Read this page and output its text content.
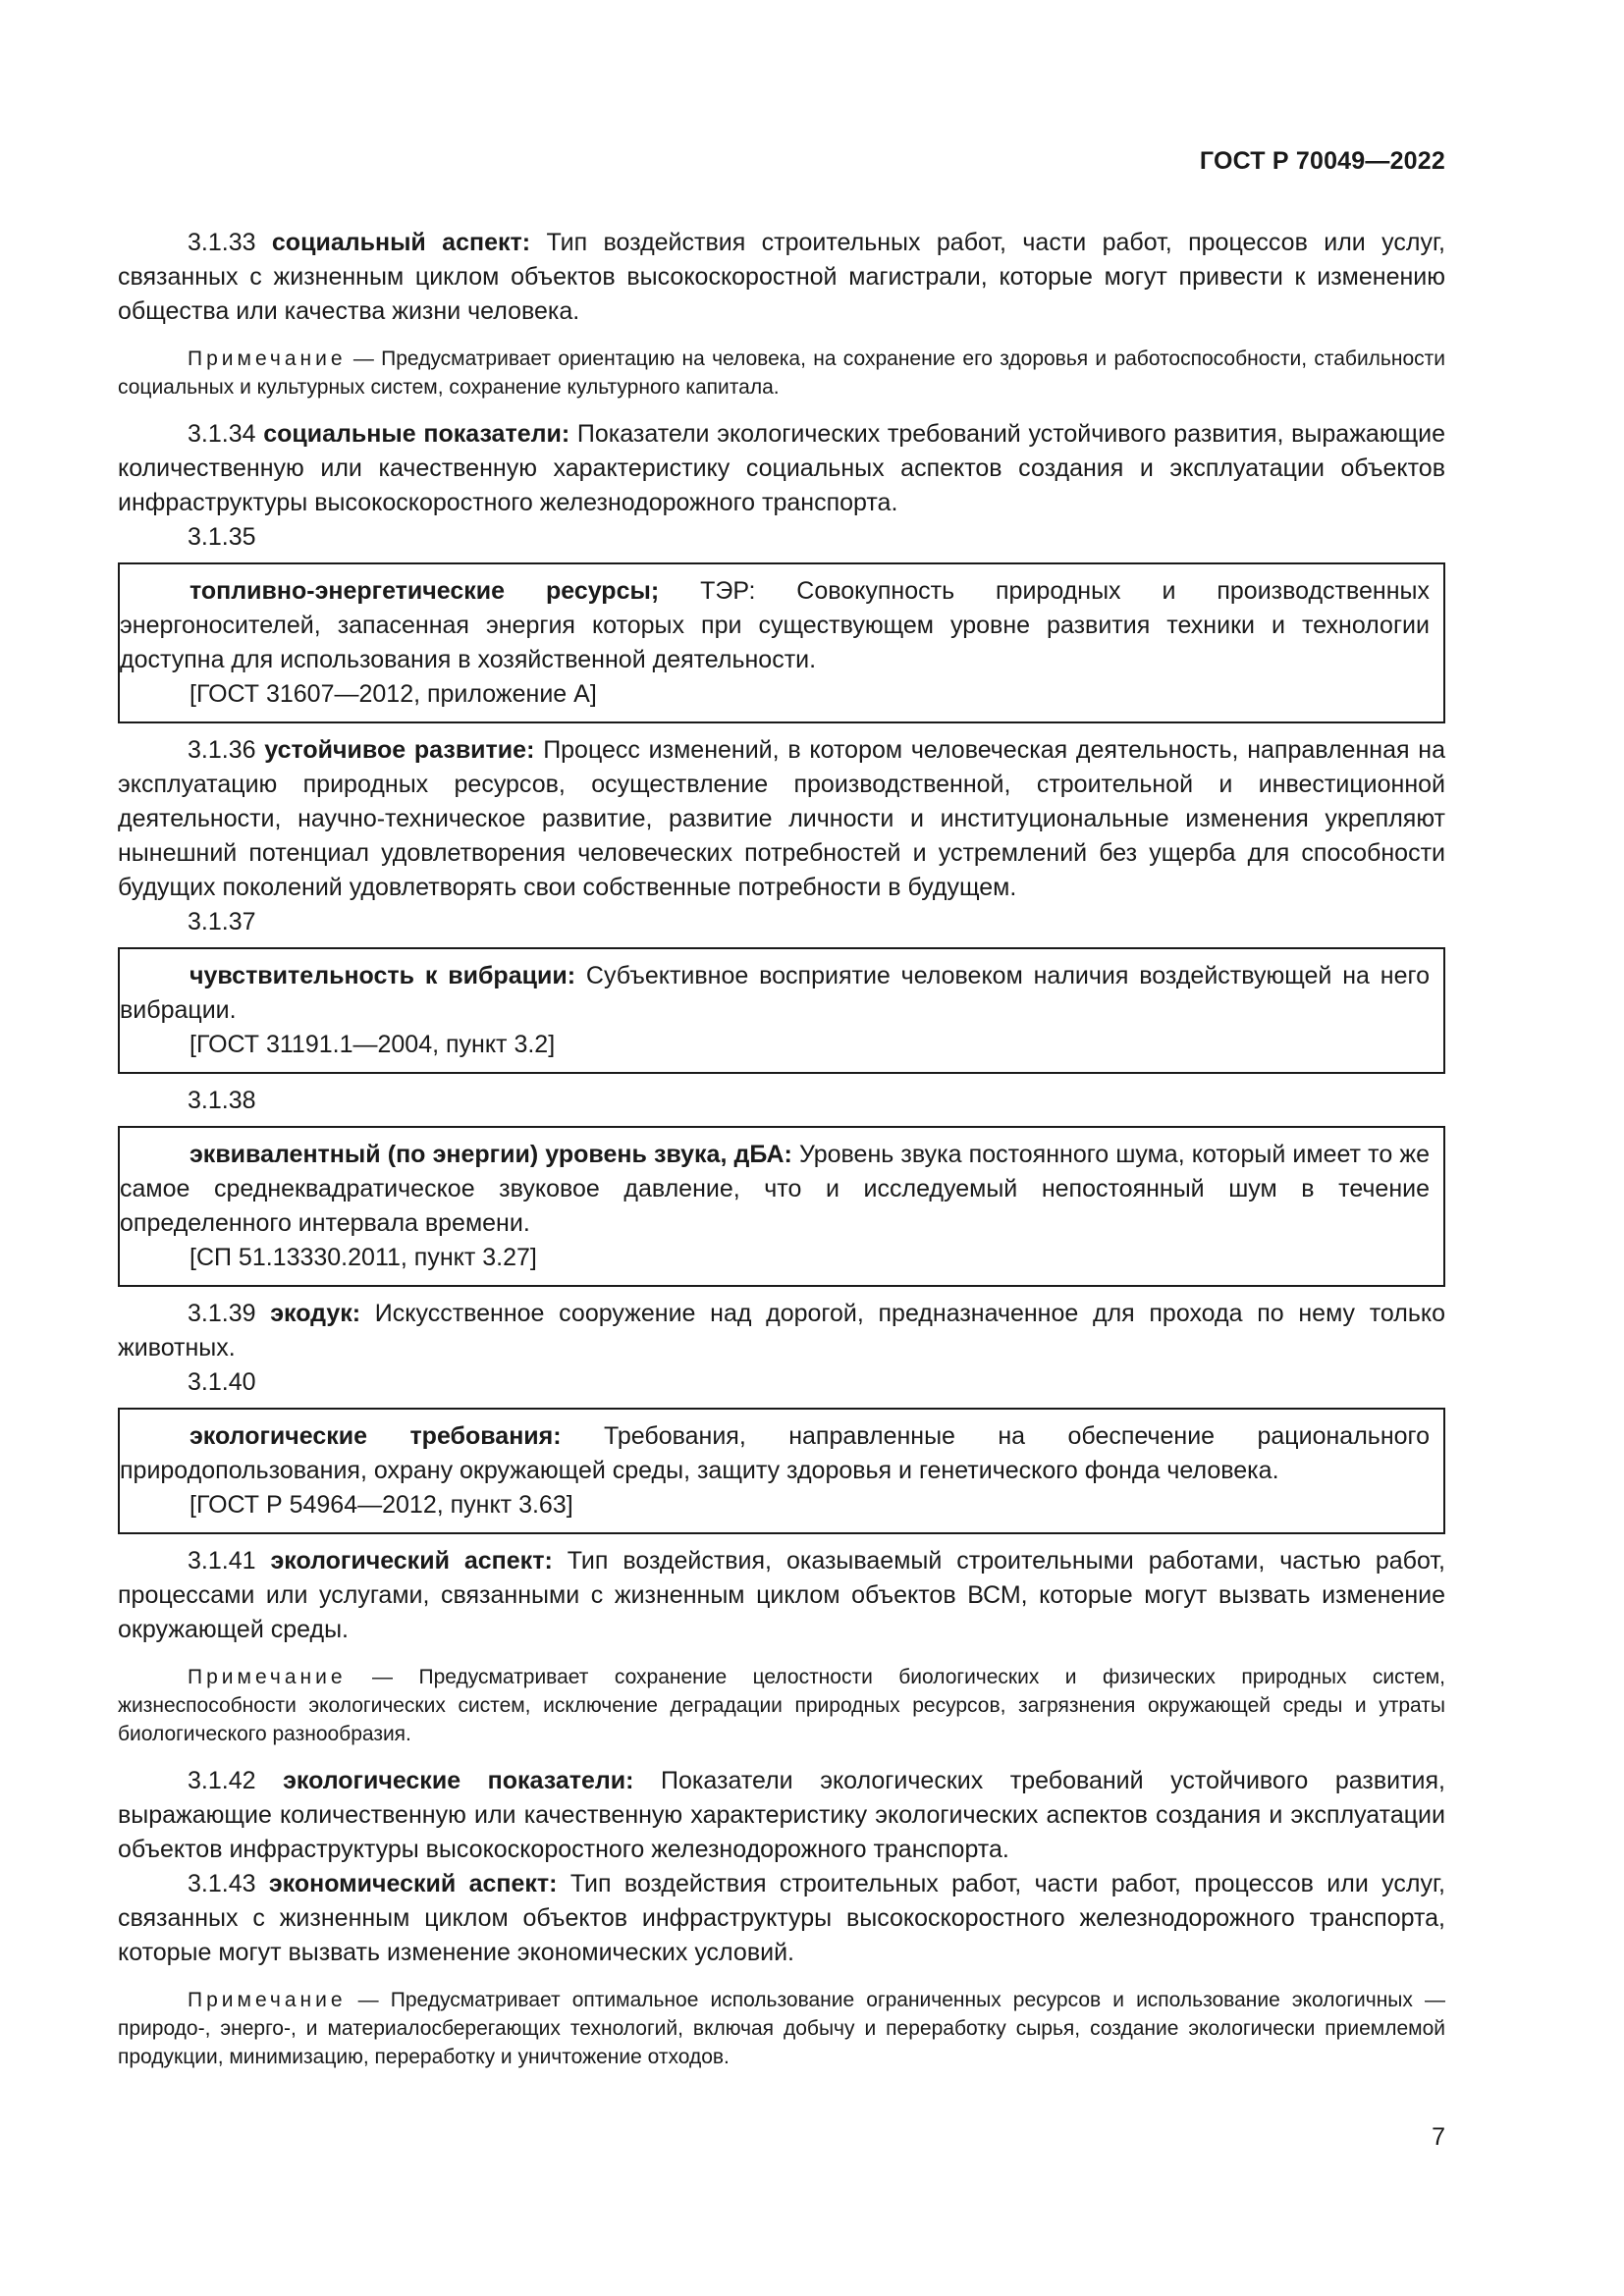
ГОСТ Р 70049—2022

3.1.33 социальный аспект: Тип воздействия строительных работ, части работ, процессов или услуг, связанных с жизненным циклом объектов высокоскоростной магистрали, которые могут привести к изменению общества или качества жизни человека.

Примечание — Предусматривает ориентацию на человека, на сохранение его здоровья и работоспособности, стабильности социальных и культурных систем, сохранение культурного капитала.

3.1.34 социальные показатели: Показатели экологических требований устойчивого развития, выражающие количественную или качественную характеристику социальных аспектов создания и эксплуатации объектов инфраструктуры высокоскоростного железнодорожного транспорта.

3.1.35

топливно-энергетические ресурсы; ТЭР: Совокупность природных и производственных энергоносителей, запасенная энергия которых при существующем уровне развития техники и технологии доступна для использования в хозяйственной деятельности.

[ГОСТ 31607—2012, приложение А]

3.1.36 устойчивое развитие: Процесс изменений, в котором человеческая деятельность, направленная на эксплуатацию природных ресурсов, осуществление производственной, строительной и инвестиционной деятельности, научно-техническое развитие, развитие личности и институциональные изменения укрепляют нынешний потенциал удовлетворения человеческих потребностей и устремлений без ущерба для способности будущих поколений удовлетворять свои собственные потребности в будущем.

3.1.37

чувствительность к вибрации: Субъективное восприятие человеком наличия воздействующей на него вибрации.

[ГОСТ 31191.1—2004, пункт 3.2]

3.1.38

эквивалентный (по энергии) уровень звука, дБА: Уровень звука постоянного шума, который имеет то же самое среднеквадратическое звуковое давление, что и исследуемый непостоянный шум в течение определенного интервала времени.

[СП 51.13330.2011, пункт 3.27]

3.1.39 экодук: Искусственное сооружение над дорогой, предназначенное для прохода по нему только животных.

3.1.40

экологические требования: Требования, направленные на обеспечение рационального природопользования, охрану окружающей среды, защиту здоровья и генетического фонда человека.

[ГОСТ Р 54964—2012, пункт 3.63]

3.1.41 экологический аспект: Тип воздействия, оказываемый строительными работами, частью работ, процессами или услугами, связанными с жизненным циклом объектов ВСМ, которые могут вызвать изменение окружающей среды.

Примечание — Предусматривает сохранение целостности биологических и физических природных систем, жизнеспособности экологических систем, исключение деградации природных ресурсов, загрязнения окружающей среды и утраты биологического разнообразия.

3.1.42 экологические показатели: Показатели экологических требований устойчивого развития, выражающие количественную или качественную характеристику экологических аспектов создания и эксплуатации объектов инфраструктуры высокоскоростного железнодорожного транспорта.

3.1.43 экономический аспект: Тип воздействия строительных работ, части работ, процессов или услуг, связанных с жизненным циклом объектов инфраструктуры высокоскоростного железнодорожного транспорта, которые могут вызвать изменение экономических условий.

Примечание — Предусматривает оптимальное использование ограниченных ресурсов и использование экологичных — природо-, энерго-, и материалосберегающих технологий, включая добычу и переработку сырья, создание экологически приемлемой продукции, минимизацию, переработку и уничтожение отходов.

7
